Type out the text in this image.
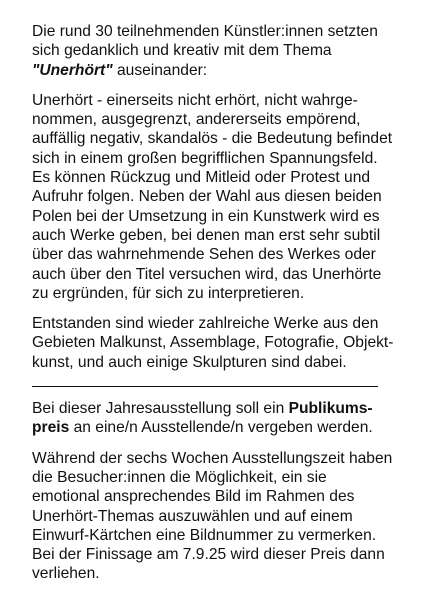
Die rund 30 teilnehmenden Künstler:innen setzten
sich gedanklich und kreativ mit dem Thema
"Unerhört" auseinander:

Unerhört - einerseits nicht erhört, nicht wahrge-
nommen, ausgegrenzt, andererseits empörend,
auffällig negativ, skandalös - die Bedeutung befindet
sich in einem großen begrifflichen Spannungsfeld.
Es können Rückzug und Mitleid oder Protest und
Aufruhr folgen. Neben der Wahl aus diesen beiden
Polen bei der Umsetzung in ein Kunstwerk wird es
auch Werke geben, bei denen man erst sehr subtil
über das wahrnehmende Sehen des Werkes oder
auch über den Titel versuchen wird, das Unerhörte
zu ergründen, für sich zu interpretieren.

Entstanden sind wieder zahlreiche Werke aus den
Gebieten Malkunst, Assemblage, Fotografie, Objekt-
kunst, und auch einige Skulpturen sind dabei.

Bei dieser Jahresausstellung soll ein Publikums-
preis an eine/n Ausstellende/n vergeben werden.

Während der sechs Wochen Ausstellungszeit haben
die Besucher:innen die Möglichkeit, ein sie
emotional ansprechendes Bild im Rahmen des
Unerhört-Themas auszuwählen und auf einem
Einwurf-Kärtchen eine Bildnummer zu vermerken.
Bei der Finissage am 7.9.25 wird dieser Preis dann
verliehen.
